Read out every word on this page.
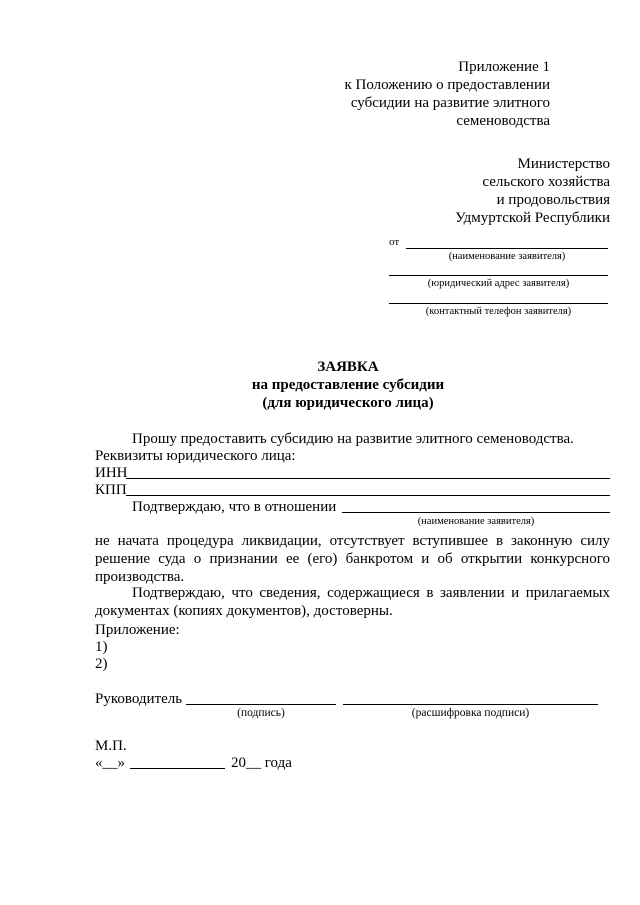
Приложение 1
к Положению о предоставлении
субсидии на развитие элитного
семеноводства
Министерство
сельского хозяйства
и продовольствия
Удмуртской Республики
от
(наименование заявителя)
(юридический адрес заявителя)
(контактный телефон заявителя)
ЗАЯВКА
на предоставление субсидии
(для юридического лица)
Прошу предоставить субсидию на развитие элитного семеноводства.
Реквизиты юридического лица:
ИНН
КПП
Подтверждаю, что в отношении
(наименование заявителя)
не начата процедура ликвидации, отсутствует вступившее в законную силу решение суда о признании ее (его) банкротом и об открытии конкурсного производства.
Подтверждаю, что сведения, содержащиеся в заявлении и прилагаемых документах (копиях документов), достоверны.
Приложение:
1)
2)
Руководитель
(подпись)	(расшифровка подписи)
М.П.
«__»	20__ года
